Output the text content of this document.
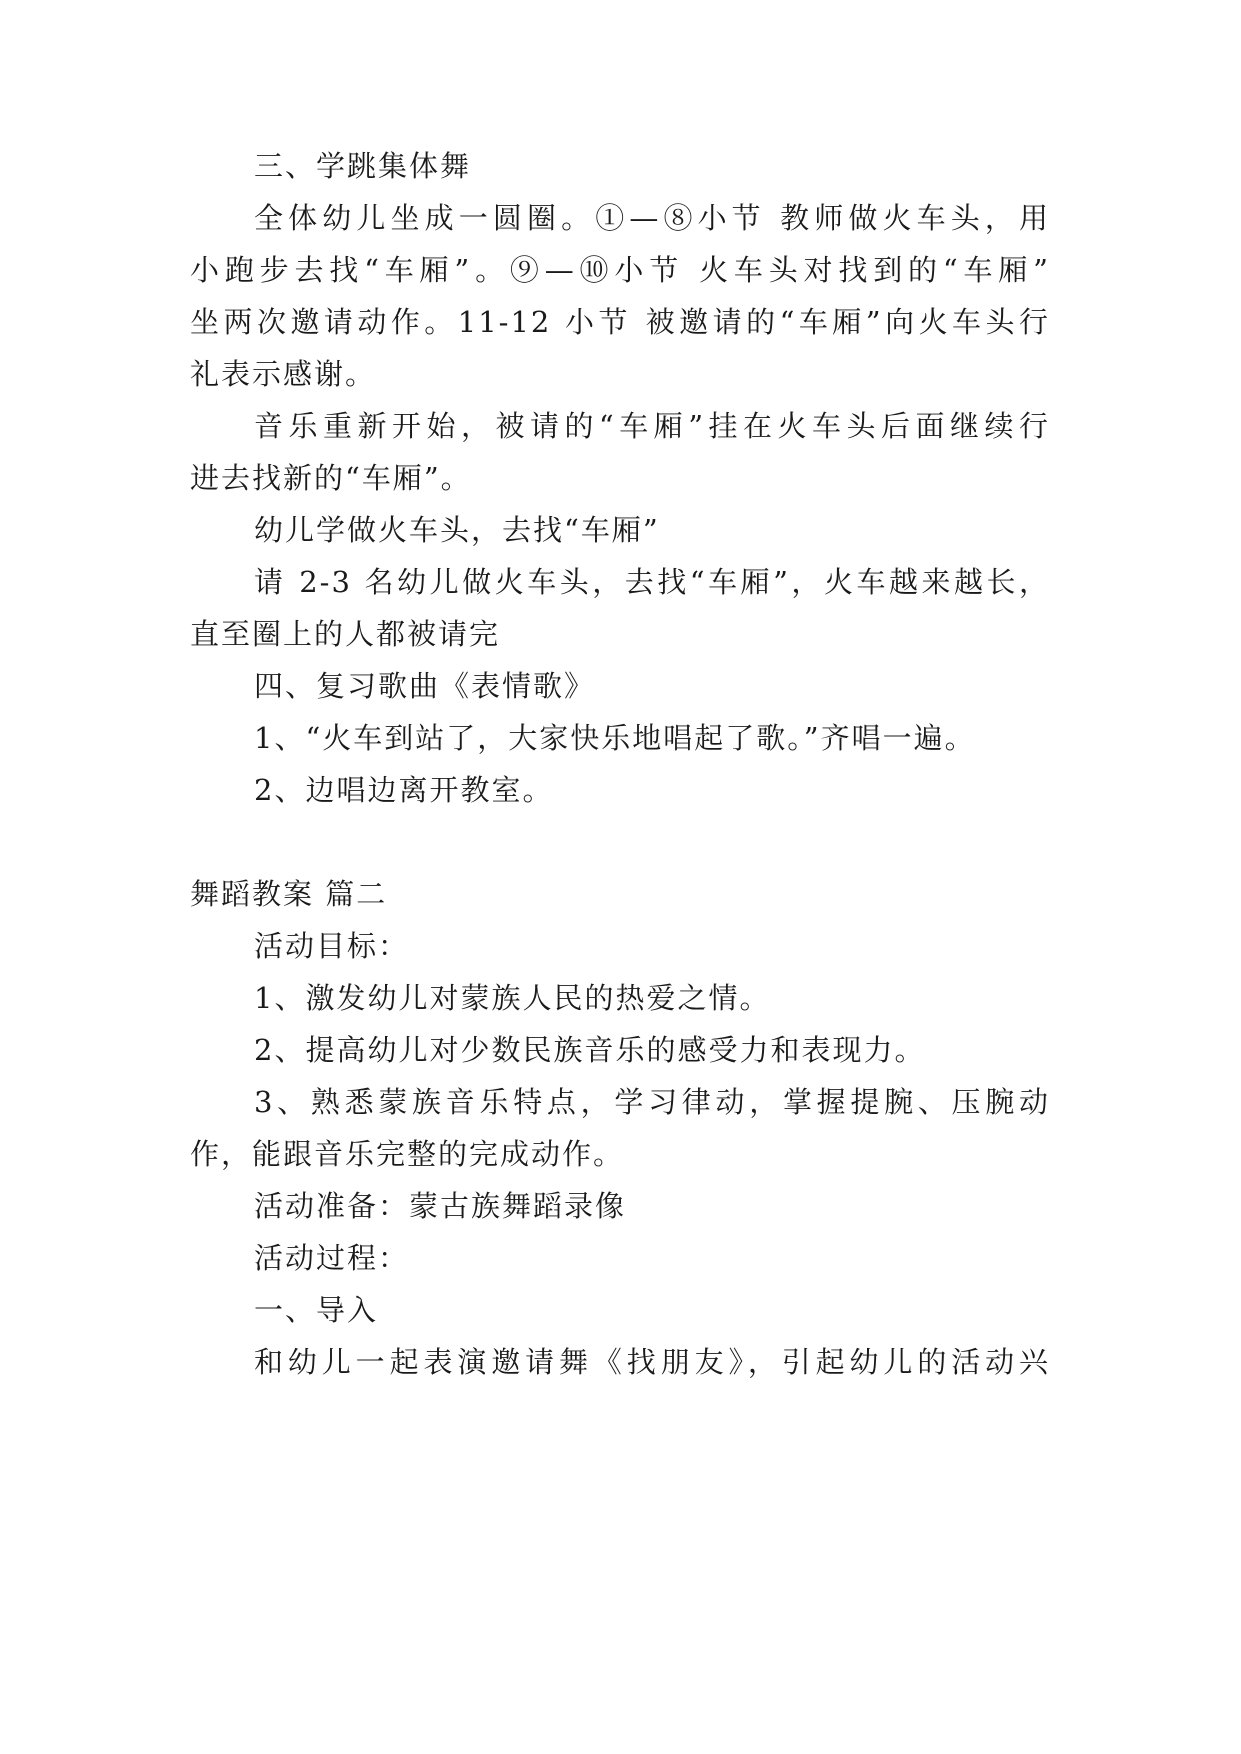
三、学跳集体舞
全体幼儿坐成一圆圈。①—⑧小节 教师做火车头，用
小跑步去找“车厢”。⑨—⑩小节 火车头对找到的“车厢”
坐两次邀请动作。11-12 小节 被邀请的“车厢”向火车头行
礼表示感谢。
音乐重新开始，被请的“车厢”挂在火车头后面继续行
进去找新的“车厢”。
幼儿学做火车头，去找“车厢”
请 2-3 名幼儿做火车头，去找“车厢”，火车越来越长，
直至圈上的人都被请完
四、复习歌曲《表情歌》
1、“火车到站了，大家快乐地唱起了歌。”齐唱一遍。
2、边唱边离开教室。
舞蹈教案 篇二
活动目标：
1、激发幼儿对蒙族人民的热爱之情。
2、提高幼儿对少数民族音乐的感受力和表现力。
3、熟悉蒙族音乐特点，学习律动，掌握提腕、压腕动
作，能跟音乐完整的完成动作。
活动准备：蒙古族舞蹈录像
活动过程：
一、导入
和幼儿一起表演邀请舞《找朋友》，引起幼儿的活动兴
